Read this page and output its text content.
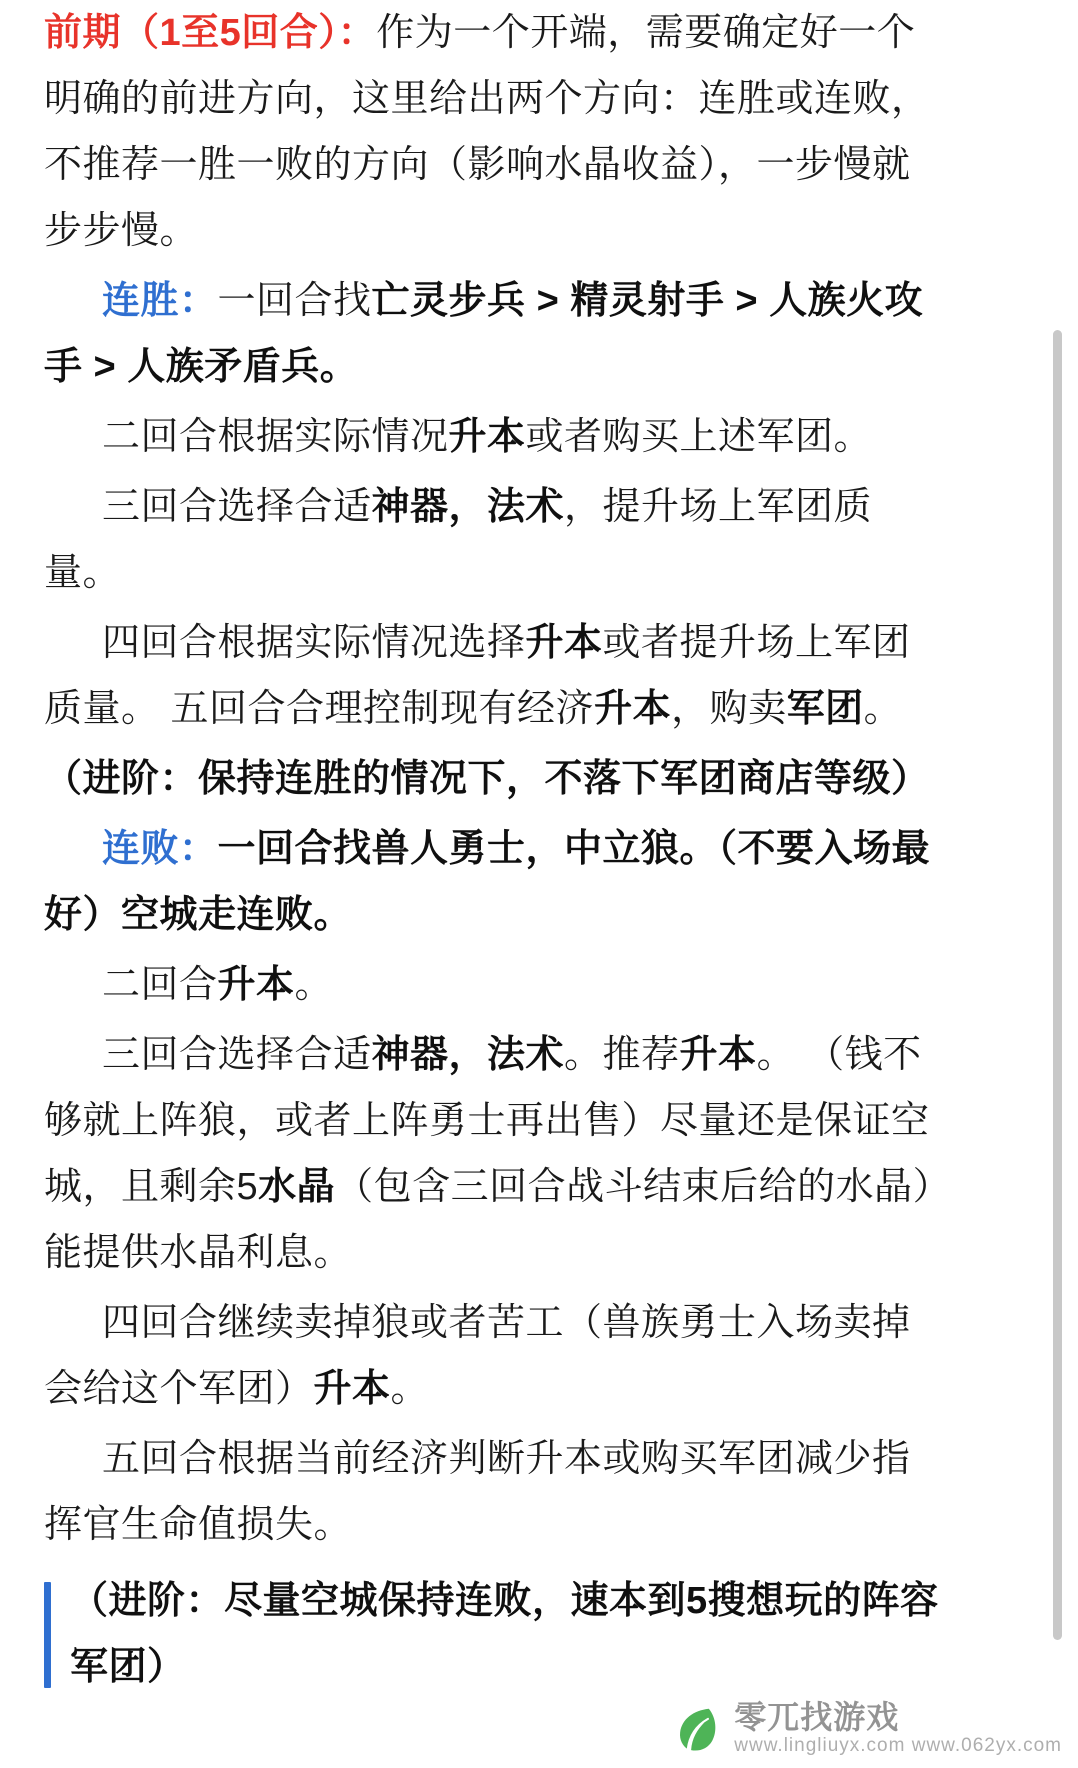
前期（1至5回合）：作为一个开端，需要确定好一个明确的前进方向，这里给出两个方向：连胜或连败，不推荐一胜一败的方向（影响水晶收益），一步慢就步步慢。

连胜：一回合找亡灵步兵 > 精灵射手 > 人族火攻手 > 人族矛盾兵。

二回合根据实际情况升本或者购买上述军团。

三回合选择合适神器，法术，提升场上军团质量。

四回合根据实际情况选择升本或者提升场上军团质量。 五回合合理控制现有经济升本，购卖军团。

（进阶：保持连胜的情况下，不落下军团商店等级）

连败：一回合找兽人勇士，中立狼。（不要入场最好）空城走连败。

二回合升本。

三回合选择合适神器，法术。推荐升本。 （钱不够就上阵狼，或者上阵勇士再出售）尽量还是保证空城，且剩余5水晶（包含三回合战斗结束后给的水晶）能提供水晶利息。

四回合继续卖掉狼或者苦工（兽族勇士入场卖掉会给这个军团）升本。

五回合根据当前经济判断升本或购买军团减少指挥官生命值损失。

（进阶：尽量空城保持连败，速本到5搜想玩的阵容军团）

零兀找游戏
www.lingliuyx.com www.062yx.com
